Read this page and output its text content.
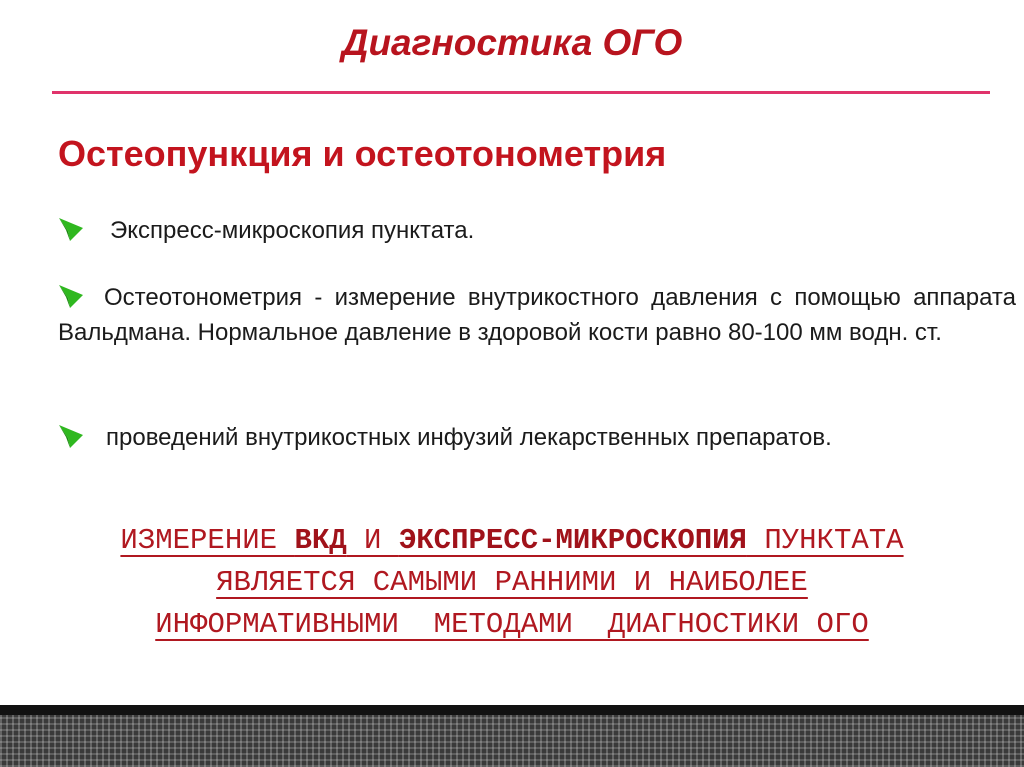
Диагностика ОГО
Остеопункция и остеотонометрия
Экспресс-микроскопия пунктата.
Остеотонометрия - измерение внутрикостного давления с помощью аппарата Вальдмана. Нормальное давление в здоровой кости равно 80-100 мм водн. ст.
проведений внутрикостных инфузий лекарственных препаратов.
ИЗМЕРЕНИЕ ВКД И ЭКСПРЕСС-МИКРОСКОПИЯ ПУНКТАТА
ЯВЛЯЕТСЯ САМЫМИ РАННИМИ И НАИБОЛЕЕ
ИНФОРМАТИВНЫМИ  МЕТОДАМИ  ДИАГНОСТИКИ ОГО
